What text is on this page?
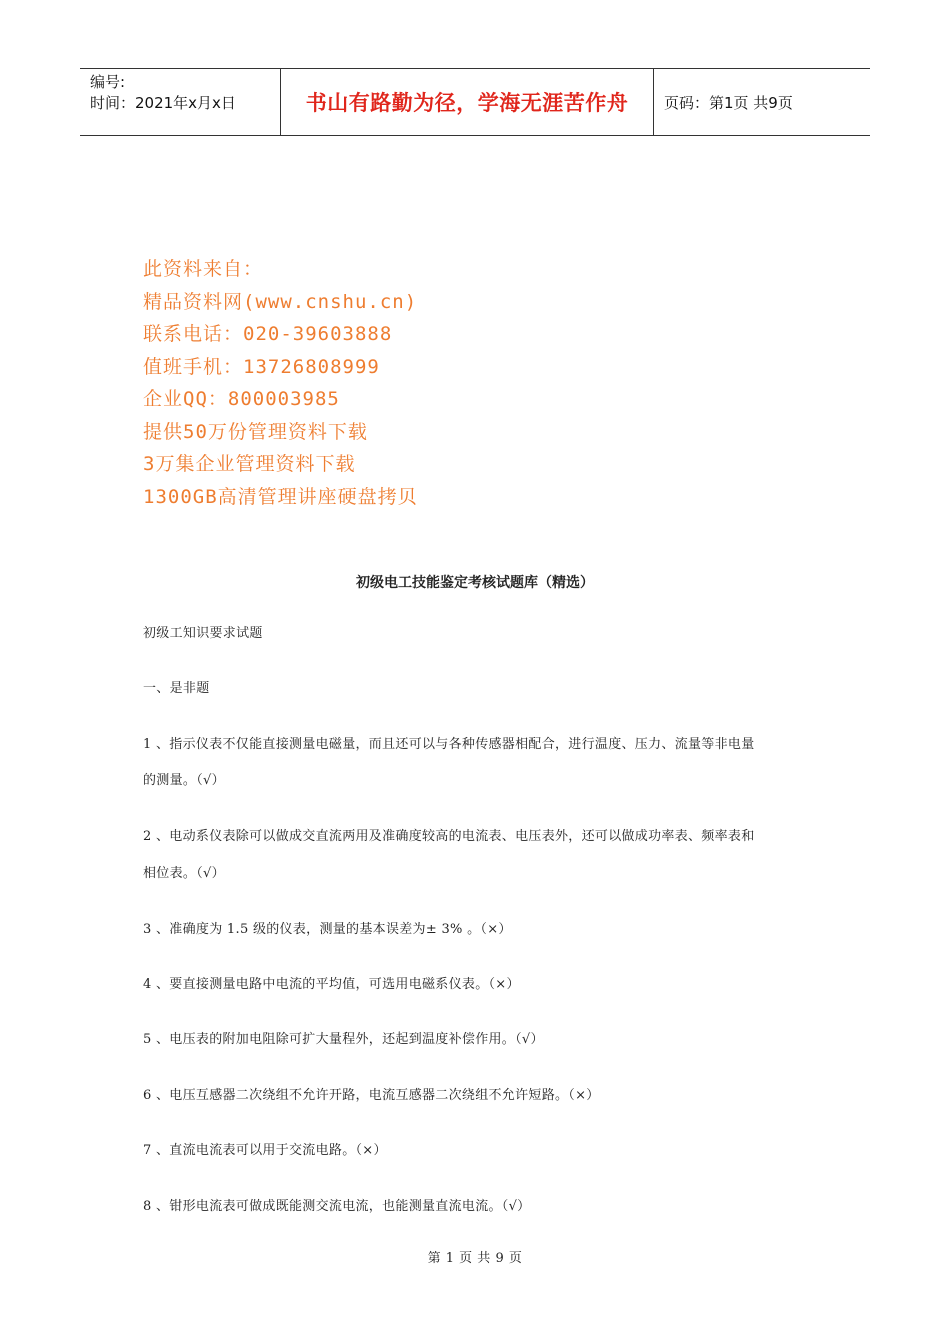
编号:
时间：2021年x月x日	书山有路勤为径，学海无涯苦作舟 页码：第1页 共9页
此资料来自：
精品资料网(www.cnshu.cn)
联系电话：020-39603888
值班手机：13726808999
企业QQ：800003985
提供50万份管理资料下载
3万集企业管理资料下载
1300GB高清管理讲座硬盘拷贝
初级电工技能鉴定考核试题库（精选）
初级工知识要求试题
一、是非题
1 、指示仪表不仅能直接测量电磁量，而且还可以与各种传感器相配合，进行温度、压力、流量等非电量
的测量。（√）
2 、电动系仪表除可以做成交直流两用及准确度较高的电流表、电压表外，还可以做成功率表、频率表和
相位表。（√）
3 、准确度为 1.5 级的仪表，测量的基本误差为± 3% 。（×）
4 、要直接测量电路中电流的平均值，可选用电磁系仪表。（×）
5 、电压表的附加电阻除可扩大量程外，还起到温度补偿作用。（√）
6 、电压互感器二次绕组不允许开路，电流互感器二次绕组不允许短路。（×）
7 、直流电流表可以用于交流电路。（×）
8 、钳形电流表可做成既能测交流电流，也能测量直流电流。（√）
第 1 页 共 9 页
